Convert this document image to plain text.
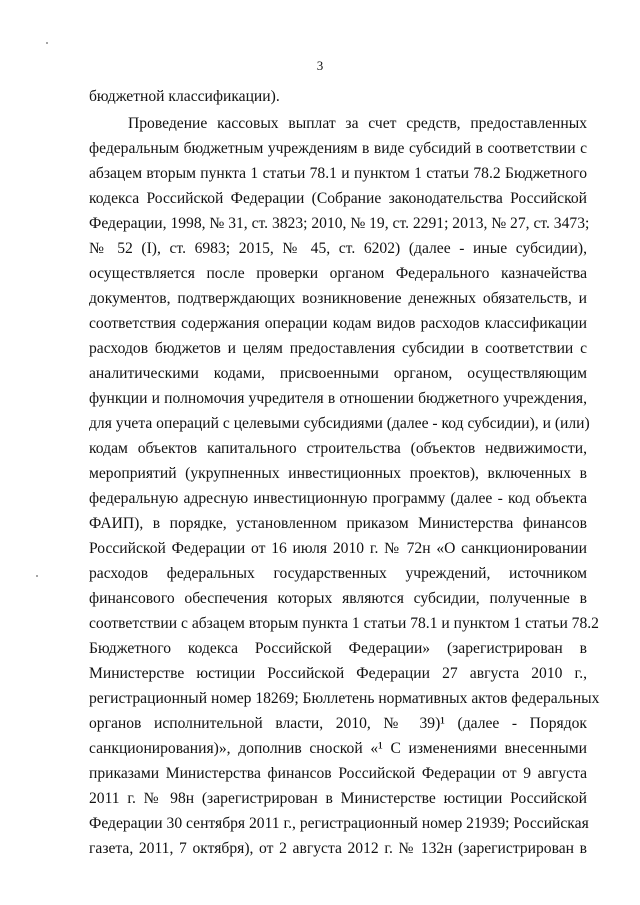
3
бюджетной классификации).
Проведение кассовых выплат за счет средств, предоставленных
федеральным бюджетным учреждениям в виде субсидий в соответствии с
абзацем вторым пункта 1 статьи 78.1 и пунктом 1 статьи 78.2 Бюджетного
кодекса Российской Федерации (Собрание законодательства Российской
Федерации, 1998, № 31, ст. 3823; 2010, № 19, ст. 2291; 2013, № 27, ст. 3473;
№ 52 (I), ст. 6983; 2015, № 45, ст. 6202) (далее - иные субсидии),
осуществляется после проверки органом Федерального казначейства
документов, подтверждающих возникновение денежных обязательств, и
соответствия содержания операции кодам видов расходов классификации
расходов бюджетов и целям предоставления субсидии в соответствии с
аналитическими кодами, присвоенными органом, осуществляющим
функции и полномочия учредителя в отношении бюджетного учреждения,
для учета операций с целевыми субсидиями (далее - код субсидии), и (или)
кодам объектов капитального строительства (объектов недвижимости,
мероприятий (укрупненных инвестиционных проектов), включенных в
федеральную адресную инвестиционную программу (далее - код объекта
ФАИП), в порядке, установленном приказом Министерства финансов
Российской Федерации от 16 июля 2010 г. № 72н «О санкционировании
расходов федеральных государственных учреждений, источником
финансового обеспечения которых являются субсидии, полученные в
соответствии с абзацем вторым пункта 1 статьи 78.1 и пунктом 1 статьи 78.2
Бюджетного кодекса Российской Федерации» (зарегистрирован в
Министерстве юстиции Российской Федерации 27 августа 2010 г.,
регистрационный номер 18269; Бюллетень нормативных актов федеральных
органов исполнительной власти, 2010, № 39)¹ (далее - Порядок
санкционирования)», дополнив сноской «¹ С изменениями внесенными
приказами Министерства финансов Российской Федерации от 9 августа
2011 г. № 98н (зарегистрирован в Министерстве юстиции Российской
Федерации 30 сентября 2011 г., регистрационный номер 21939; Российская
газета, 2011, 7 октября), от 2 августа 2012 г. № 132н (зарегистрирован в
